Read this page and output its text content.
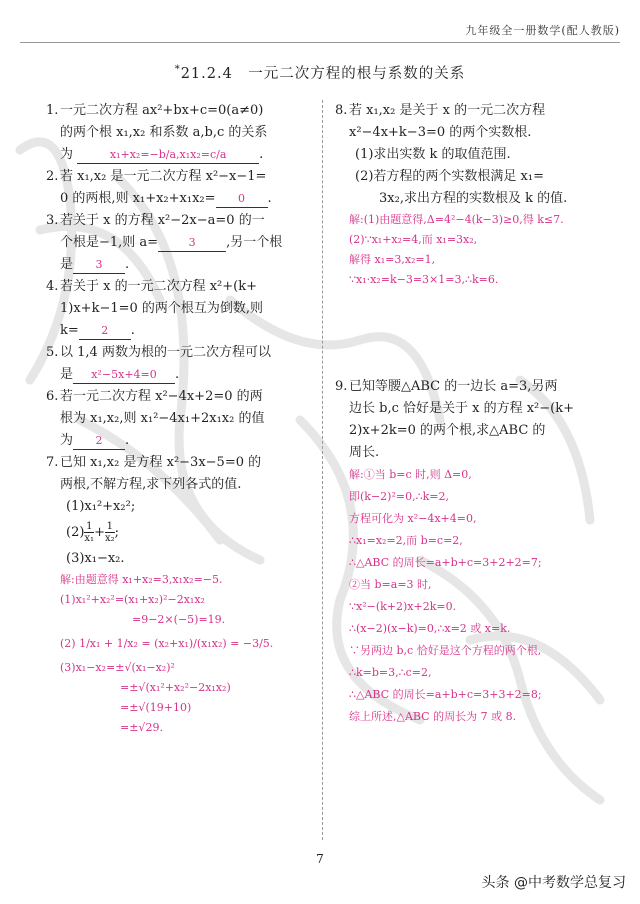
九年级全一册数学(配人教版)
*21.2.4　一元二次方程的根与系数的关系
1. 一元二次方程 ax²+bx+c=0(a≠0)
的两个根 x₁,x₂ 和系数 a,b,c 的关系
为	x₁+x₂=−b/a,x₁x₂=c/a	.
2. 若 x₁,x₂ 是一元二次方程 x²−x−1=
0 的两根,则 x₁+x₂+x₁x₂= 0 .
3. 若关于 x 的方程 x²−2x−a=0 的一
个根是−1,则 a=	3 ,另一个根
是 3 .
4. 若关于 x 的一元二次方程 x²+(k+
1)x+k−1=0 的两个根互为倒数,则
k= 2 .
5. 以 1,4 两数为根的一元二次方程可以
是 x²−5x+4=0 .
6. 若一元二次方程 x²−4x+2=0 的两
根为 x₁,x₂,则 x₁²−4x₁+2x₁x₂ 的值
为 2 .
7. 已知 x₁,x₂ 是方程 x²−3x−5=0 的
两根,不解方程,求下列各式的值.
(1)x₁²+x₂²;
$(2) \frac{1}{\text{x₁}} + \frac{1}{\text{x₂}}$ ;
(3)x₁−x₂.
解:由题意得 x₁+x₂=3,x₁x₂=−5.
(1)x₁²+x₂²=(x₁+x₂)²−2x₁x₂
=9−2×(−5)=19.
(2) 1/x₁ + 1/x₂ = (x₂+x₁)/(x₁x₂) = −3/5.
(3)x₁−x₂=±√(x₁−x₂)²
=±√(x₁²+x₂²−2x₁x₂)
=±√(19+10)
=±√29.
8. 若 x₁,x₂ 是关于 x 的一元二次方程
x²−4x+k−3=0 的两个实数根.
(1)求出实数 k 的取值范围.
(2)若方程的两个实数根满足 x₁=
3x₂,求出方程的实数根及 k 的值.
解:(1)由题意得,Δ=4²−4(k−3)≥0,得 k≤7.
(2)∵x₁+x₂=4,而 x₁=3x₂,
解得 x₁=3,x₂=1,
∵x₁·x₂=k−3=3×1=3,∴k=6.
9. 已知等腰△ABC 的一边长 a=3,另两
边长 b,c 恰好是关于 x 的方程 x²−(k+
2)x+2k=0 的两个根,求△ABC 的
周长.
解:①当 b=c 时,则 Δ=0,
即(k−2)²=0,∴k=2,
方程可化为 x²−4x+4=0,
∴x₁=x₂=2,而 b=c=2,
∴△ABC 的周长=a+b+c=3+2+2=7;
②当 b=a=3 时,
∵x²−(k+2)x+2k=0.
∴(x−2)(x−k)=0,∴x=2 或 x=k.
∵另两边 b,c 恰好是这个方程的两个根,
∴k=b=3,∴c=2,
∴△ABC 的周长=a+b+c=3+3+2=8;
综上所述,△ABC 的周长为 7 或 8.
7
头条 @中考数学总复习
